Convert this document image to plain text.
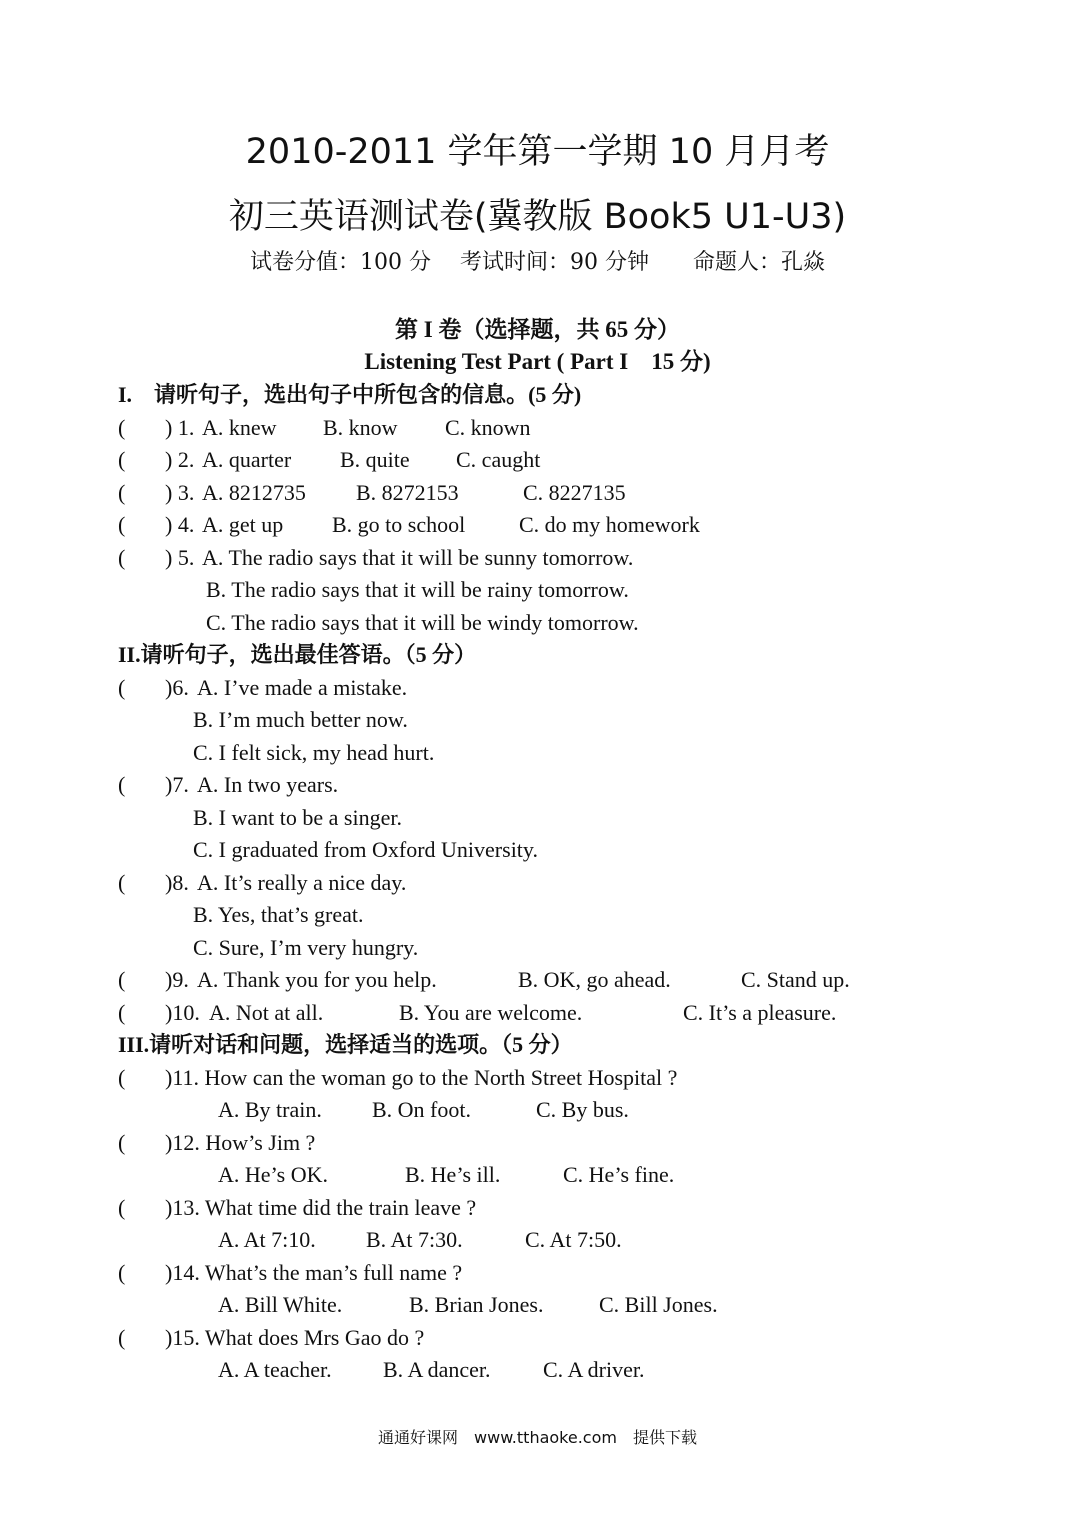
2010-2011 学年第一学期 10 月月考
初三英语测试卷(冀教版 Book5 U1-U3)
试卷分值：100 分　 考试时间：90 分钟　　命题人：孔焱
第 I 卷（选择题，共 65 分）
Listening Test Part ( Part I　15 分)
I.　请听句子，选出句子中所包含的信息。(5 分)
( ) 1. A. knew B. know C. known
( ) 2. A. quarter B. quite C. caught
( ) 3. A. 8212735 B. 8272153	C. 8227135
( ) 4. A. get up B. go to school C. do my homework
( ) 5. A. The radio says that it will be sunny tomorrow.
B. The radio says that it will be rainy tomorrow.
C. The radio says that it will be windy tomorrow.
II.请听句子，选出最佳答语。（5 分）
( )6. A. I’ve made a mistake.
B. I’m much better now.
C. I felt sick, my head hurt.
( )7. A. In two years.
B. I want to be a singer.
C. I graduated from Oxford University.
( )8. A. It’s really a nice day.
B. Yes, that’s great.
C. Sure, I’m very hungry.
( )9. A. Thank you for you help.	B. OK, go ahead.	C. Stand up.
( )10. A. Not at all.	B. You are welcome.	C. It’s a pleasure.
III.请听对话和问题，选择适当的选项。（5 分）
( )11. How can the woman go to the North Street Hospital ?
A. By train. B. On foot.	C. By bus.
( )12. How’s Jim ?
A. He’s OK.	B. He’s ill.	C. He’s fine.
( )13. What time did the train leave ?
A. At 7:10. B. At 7:30.	C. At 7:50.
( )14. What’s the man’s full name ?
A. Bill White.	B. Brian Jones.	C. Bill Jones.
( )15. What does Mrs Gao do ?
A. A teacher. B. A dancer. C. A driver.
通通好课网　www.tthaoke.com　提供下载
